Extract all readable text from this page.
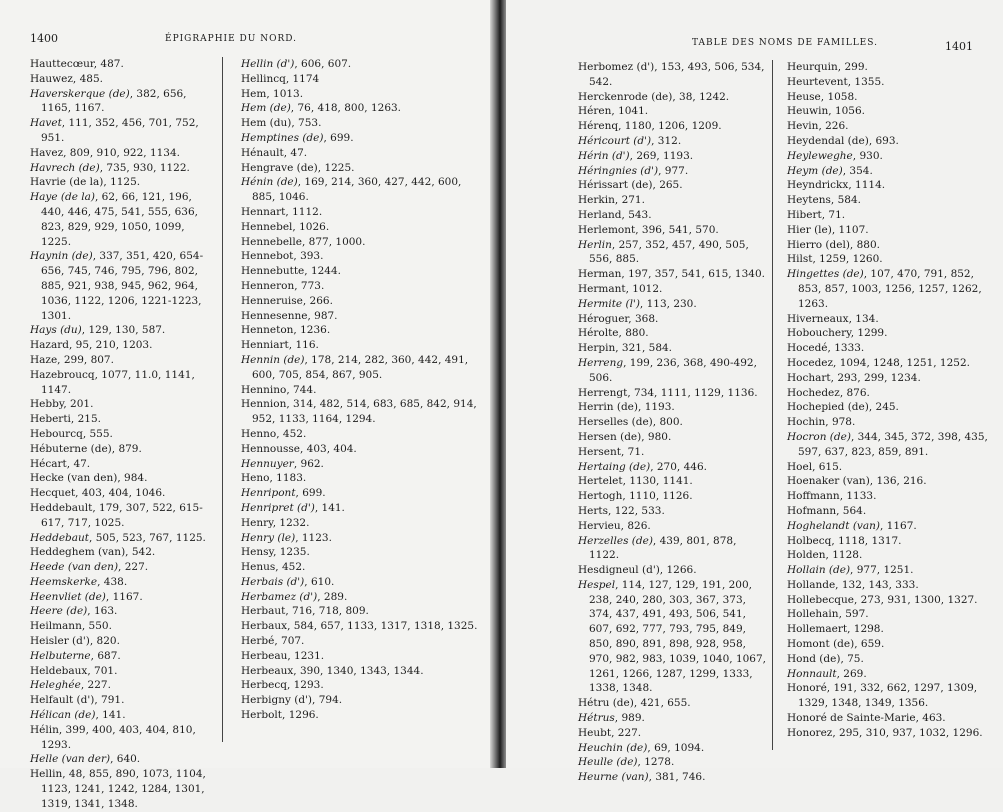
1400	ÉPIGRAPHIE DU NORD.
Hauttecœur, 487.
Hauwez, 485.
Haverskerque (de), 382, 656, 1165, 1167.
Havet, 111, 352, 456, 701, 752, 951.
Havez, 809, 910, 922, 1134.
Havrech (de), 735, 930, 1122.
Havrie (de la), 1125.
Haye (de la), 62, 66, 121, 196, 440, 446, 475, 541, 555, 636, 823, 829, 929, 1050, 1099, 1225.
Haynin (de), 337, 351, 420, 654-656, 745, 746, 795, 796, 802, 885, 921, 938, 945, 962, 964, 1036, 1122, 1206, 1221-1223, 1301.
Hays (du), 129, 130, 587.
Hazard, 95, 210, 1203.
Haze, 299, 807.
Hazebroucq, 1077, 11.0, 1141, 1147.
Hebby, 201.
Heberti, 215.
Hebourcq, 555.
Hébuterne (de), 879.
Hécart, 47.
Hecke (van den), 984.
Hecquet, 403, 404, 1046.
Heddebault, 179, 307, 522, 615-617, 717, 1025.
Heddebaut, 505, 523, 767, 1125.
Heddeghem (van), 542.
Heede (van den), 227.
Heemskerke, 438.
Heenvliet (de), 1167.
Heere (de), 163.
Heilmann, 550.
Heisler (d'), 820.
Helbuterne, 687.
Heldebaux, 701.
Heleghée, 227.
Helfault (d'), 791.
Hélican (de), 141.
Hélin, 399, 400, 403, 404, 810, 1293.
Helle (van der), 640.
Hellin, 48, 855, 890, 1073, 1104, 1123, 1241, 1242, 1284, 1301, 1319, 1341, 1348.
Hellin (d'), 606, 607.
Hellincq, 1174
Hem, 1013.
Hem (de), 76, 418, 800, 1263.
Hem (du), 753.
Hemptines (de), 699.
Hénault, 47.
Hengrave (de), 1225.
Hénin (de), 169, 214, 360, 427, 442, 600, 885, 1046.
Hennart, 1112.
Hennebel, 1026.
Hennebelle, 877, 1000.
Hennebot, 393.
Hennebutte, 1244.
Henneron, 773.
Henneruise, 266.
Hennesenne, 987.
Henneton, 1236.
Henniart, 116.
Hennin (de), 178, 214, 282, 360, 442, 491, 600, 705, 854, 867, 905.
Hennino, 744.
Hennion, 314, 482, 514, 683, 685, 842, 914, 952, 1133, 1164, 1294.
Henno, 452.
Hennousse, 403, 404.
Hennuyer, 962.
Heno, 1183.
Henripont, 699.
Henripret (d'), 141.
Henry, 1232.
Henry (le), 1123.
Hensy, 1235.
Henus, 452.
Herbais (d'), 610.
Herbamez (d'), 289.
Herbaut, 716, 718, 809.
Herbaux, 584, 657, 1133, 1317, 1318, 1325.
Herbé, 707.
Herbeau, 1231.
Herbeaux, 390, 1340, 1343, 1344.
Herbecq, 1293.
Herbigny (d'), 794.
Herbolt, 1296.
TABLE DES NOMS DE FAMILLES.	1401
Herbomez (d'), 153, 493, 506, 534, 542.
Herckenrode (de), 38, 1242.
Héren, 1041.
Hérenq, 1180, 1206, 1209.
Héricourt (d'), 312.
Hérin (d'), 269, 1193.
Héringnies (d'), 977.
Hérissart (de), 265.
Herkin, 271.
Herland, 543.
Herlemont, 396, 541, 570.
Herlin, 257, 352, 457, 490, 505, 556, 885.
Herman, 197, 357, 541, 615, 1340.
Hermant, 1012.
Hermite (l'), 113, 230.
Héroguer, 368.
Hérolte, 880.
Herpin, 321, 584.
Herreng, 199, 236, 368, 490-492, 506.
Herrengt, 734, 1111, 1129, 1136.
Herrin (de), 1193.
Herselles (de), 800.
Hersen (de), 980.
Hersent, 71.
Hertaing (de), 270, 446.
Hertelet, 1130, 1141.
Hertogh, 1110, 1126.
Herts, 122, 533.
Hervieu, 826.
Herzelles (de), 439, 801, 878, 1122.
Hesdigneul (d'), 1266.
Hespel, 114, 127, 129, 191, 200, 238, 240, 280, 303, 367, 373, 374, 437, 491, 493, 506, 541, 607, 692, 777, 793, 795, 849, 850, 890, 891, 898, 928, 958, 970, 982, 983, 1039, 1040, 1067, 1261, 1266, 1287, 1299, 1333, 1338, 1348.
Hétru (de), 421, 655.
Hétrus, 989.
Heubt, 227.
Heuchin (de), 69, 1094.
Heulle (de), 1278.
Heurne (van), 381, 746.
Heurquin, 299.
Heurtevent, 1355.
Heuse, 1058.
Heuwin, 1056.
Hevin, 226.
Heydendal (de), 693.
Heyleweghe, 930.
Heym (de), 354.
Heyndrickx, 1114.
Heytens, 584.
Hibert, 71.
Hier (le), 1107.
Hierro (del), 880.
Hilst, 1259, 1260.
Hingettes (de), 107, 470, 791, 852, 853, 857, 1003, 1256, 1257, 1262, 1263.
Hiverneaux, 134.
Hobouchery, 1299.
Hocedé, 1333.
Hocedez, 1094, 1248, 1251, 1252.
Hochart, 293, 299, 1234.
Hochedez, 876.
Hochepied (de), 245.
Hochin, 978.
Hocron (de), 344, 345, 372, 398, 435, 597, 637, 823, 859, 891.
Hoel, 615.
Hoenaker (van), 136, 216.
Hoffmann, 1133.
Hofmann, 564.
Hoghelandt (van), 1167.
Holbecq, 1118, 1317.
Holden, 1128.
Hollain (de), 977, 1251.
Hollande, 132, 143, 333.
Hollebecque, 273, 931, 1300, 1327.
Hollehain, 597.
Hollemaert, 1298.
Homont (de), 659.
Hond (de), 75.
Honnault, 269.
Honoré, 191, 332, 662, 1297, 1309, 1329, 1348, 1349, 1356.
Honoré de Sainte-Marie, 463.
Honorez, 295, 310, 937, 1032, 1296.
